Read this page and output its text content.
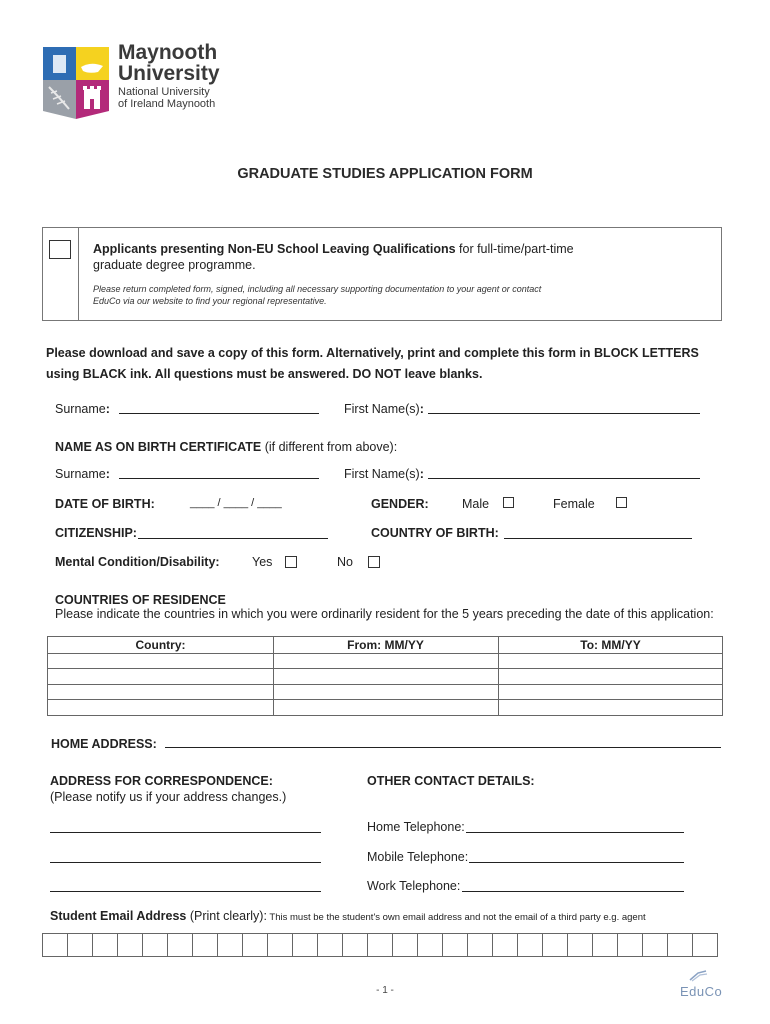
Maynooth
University
National University
of Ireland Maynooth
GRADUATE STUDIES APPLICATION FORM
Applicants presenting Non-EU School Leaving Qualifications for full-time/part-time
graduate degree programme.
Please return completed form, signed, including all necessary supporting documentation to your agent or contact
EduCo via our website to find your regional representative.
Please download and save a copy of this form. Alternatively, print and complete this form in BLOCK LETTERS
using BLACK ink. All questions must be answered. DO NOT leave blanks.
Surname:	First Name(s):
NAME AS ON BIRTH CERTIFICATE (if different from above):
Surname:	First Name(s):
DATE OF BIRTH:	____ / ____ / ____	GENDER:	Male	Female
CITIZENSHIP:	COUNTRY OF BIRTH:
Mental Condition/Disability:	Yes	No
COUNTRIES OF RESIDENCE
Please indicate the countries in which you were ordinarily resident for the 5 years preceding the date of this application:
Country:	From: MM/YY	To: MM/YY
HOME ADDRESS:
ADDRESS FOR CORRESPONDENCE:
(Please notify us if your address changes.)
OTHER CONTACT DETAILS:
Home Telephone:
Mobile Telephone:
Work Telephone:
Student Email Address (Print clearly): This must be the student's own email address and not the email of a third party e.g. agent
- 1 -	EduCo
